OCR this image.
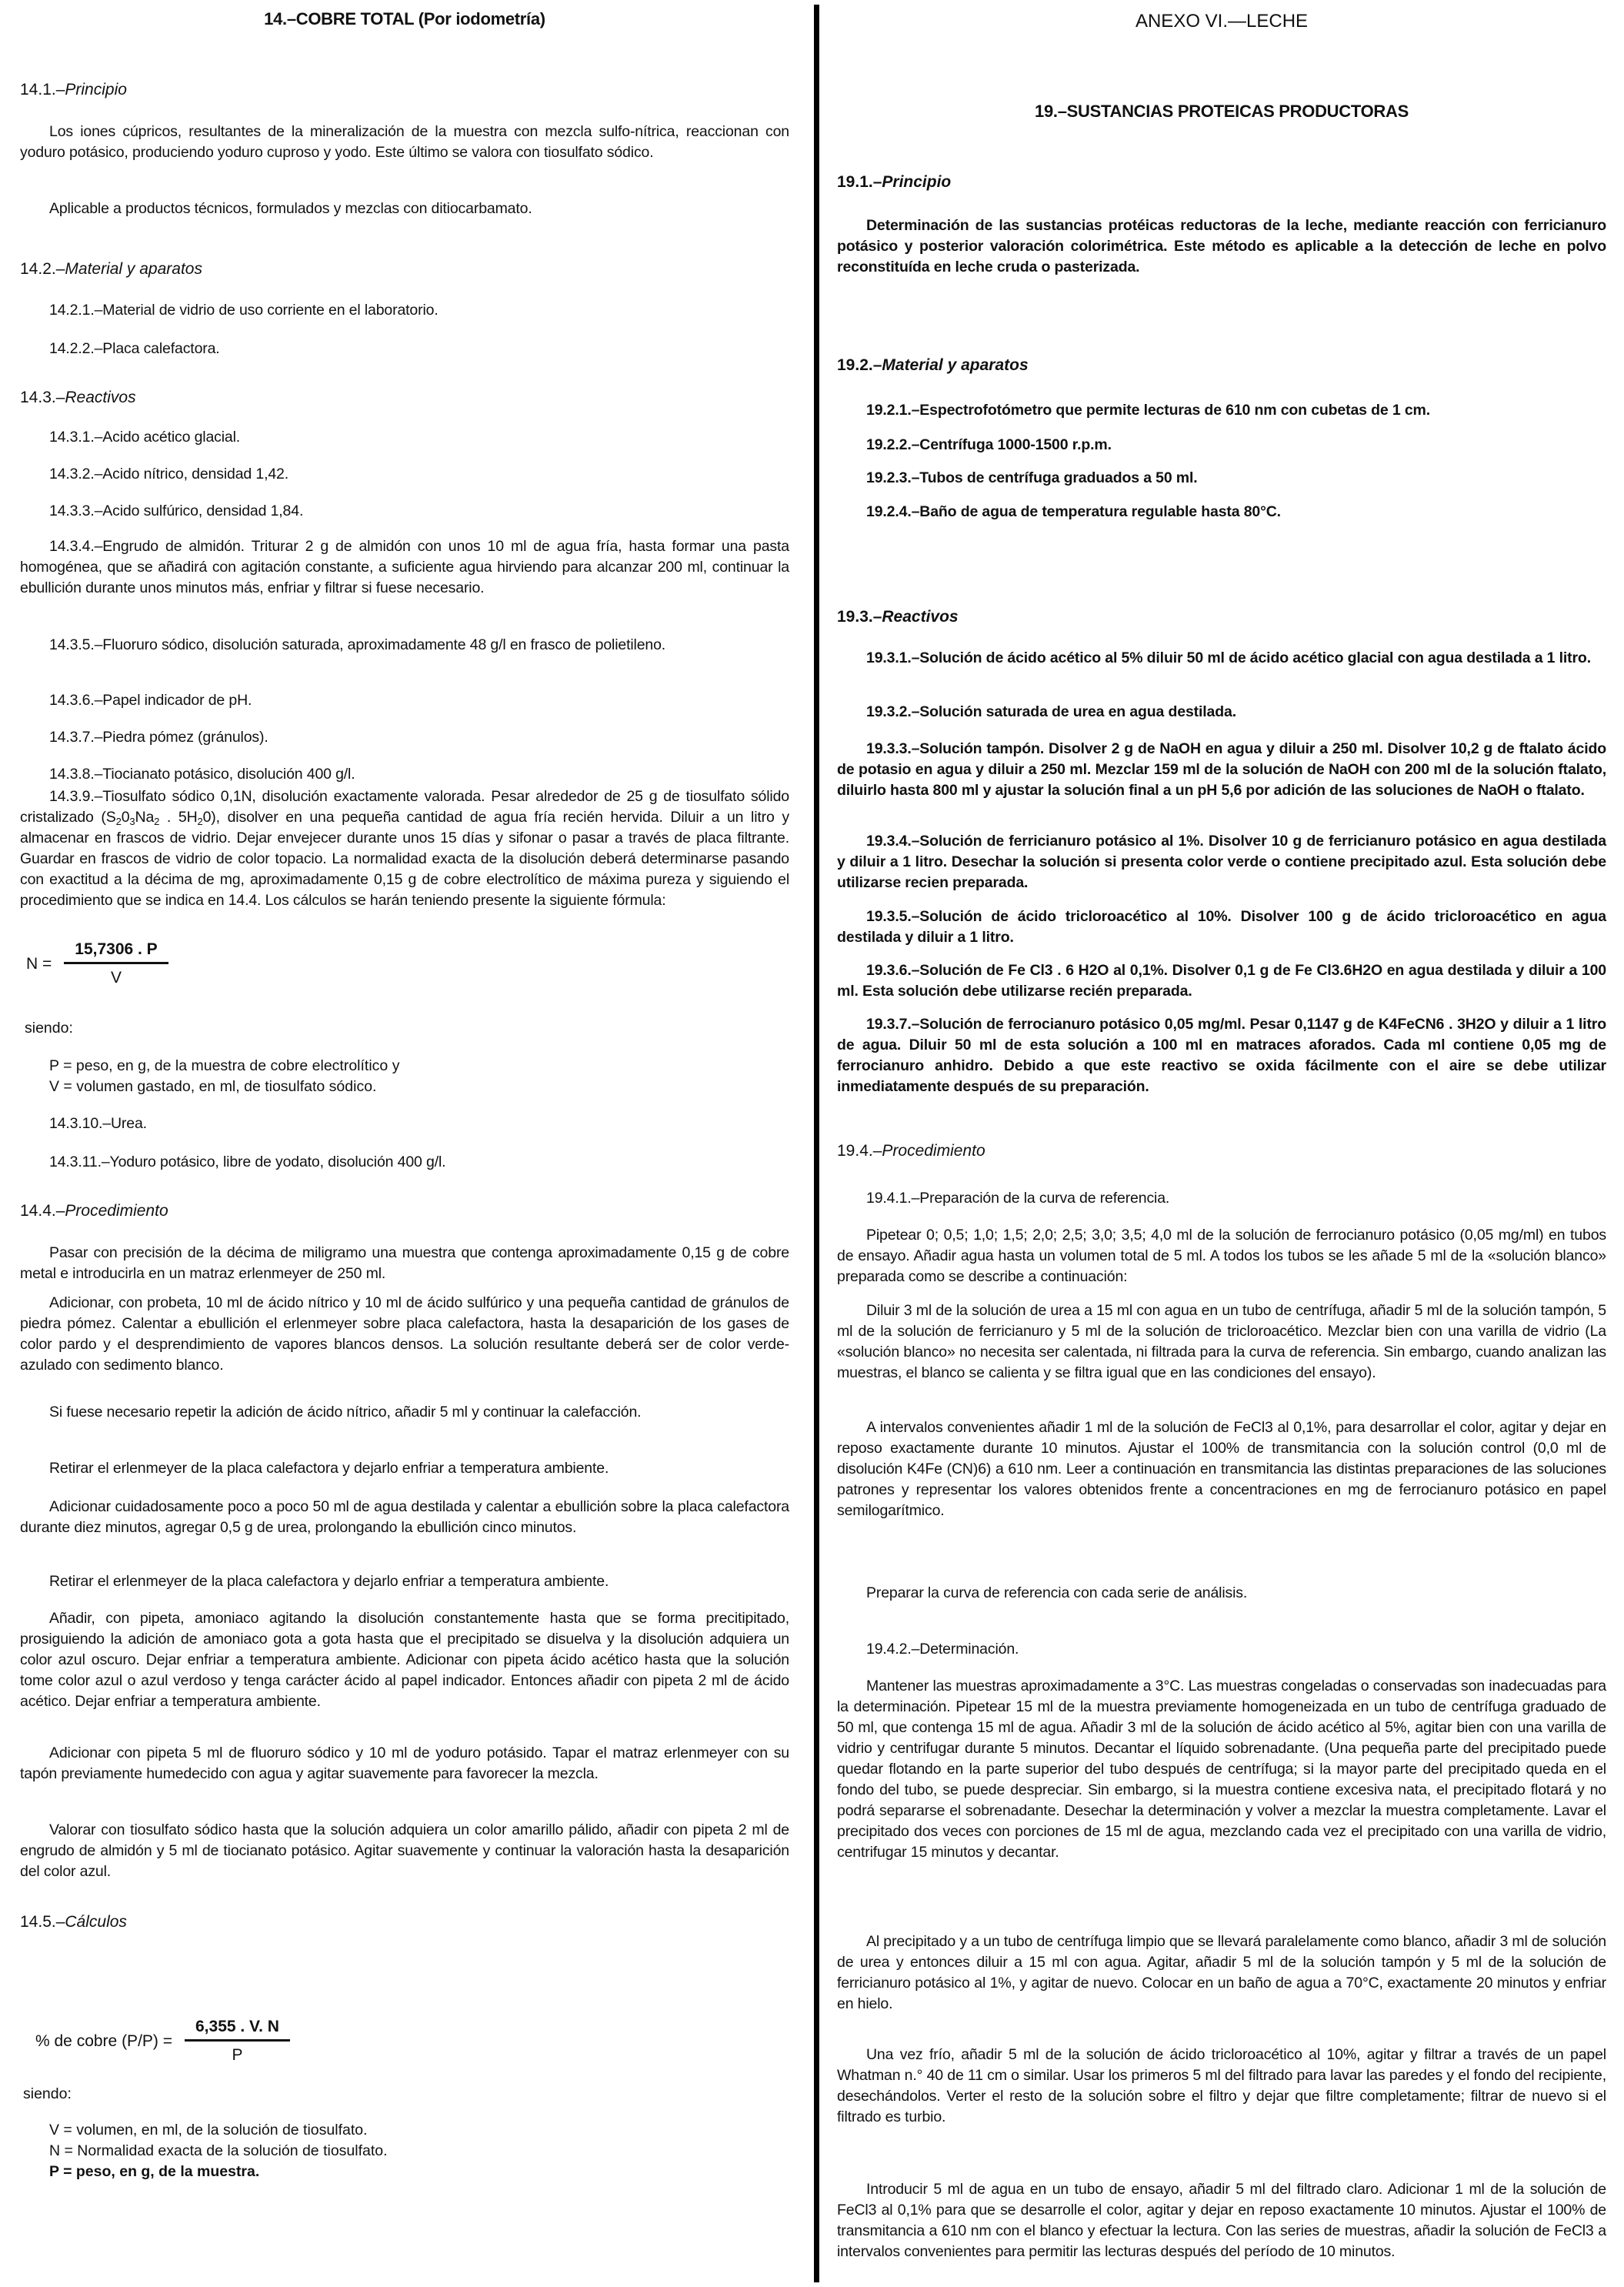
14.–COBRE TOTAL (Por iodometría)
14.1.–Principio

Los iones cúpricos, resultantes de la mineralización de la muestra con mezcla sulfo-nítrica, reaccionan con yoduro potásico, produciendo yoduro cuproso y yodo. Este último se valora con tiosulfato sódico.

Aplicable a productos técnicos, formulados y mezclas con ditiocarbamato.

14.2.–Material y aparatos

14.2.1.–Material de vidrio de uso corriente en el laboratorio.

14.2.2.–Placa calefactora.

14.3.–Reactivos

14.3.1.–Acido acético glacial.

14.3.2.–Acido nítrico, densidad 1,42.

14.3.3.–Acido sulfúrico, densidad 1,84.

14.3.4.–Engrudo de almidón. Triturar 2 g de almidón con unos 10 ml de agua fría, hasta formar una pasta homogénea, que se añadirá con agitación constante, a suficiente agua hirviendo para alcanzar 200 ml, continuar la ebullición durante unos minutos más, enfriar y filtrar si fuese necesario.

14.3.5.–Fluoruro sódico, disolución saturada, aproximadamente 48 g/l en frasco de polietileno.

14.3.6.–Papel indicador de pH.

14.3.7.–Piedra pómez (gránulos).

14.3.8.–Tiocianato potásico, disolución 400 g/l.

14.3.9.–Tiosulfato sódico 0,1N, disolución exactamente valorada. Pesar alrededor de 25 g de tiosulfato sólido cristalizado ($S_20_3Na_2$ . $5H_20$), disolver en una pequeña cantidad de agua fría recién hervida. Diluir a un litro y almacenar en frascos de vidrio. Dejar envejecer durante unos 15 días y sifonar o pasar a través de placa filtrante. Guardar en frascos de vidrio de color topacio. La normalidad exacta de la disolución deberá determinarse pasando con exactitud a la décima de mg, aproximadamente 0,15 g de cobre electrolítico de máxima pureza y siguiendo el procedimiento que se indica en 14.4. Los cálculos se harán teniendo presente la siguiente fórmula:

$N = \frac{15,7306 . P}{V}$
siendo:
P = peso, en g, de la muestra de cobre electrolítico y
V = volumen gastado, en ml, de tiosulfato sódico.

14.3.10.–Urea.

14.3.11.–Yoduro potásico, libre de yodato, disolución 400 g/l.

14.4.–Procedimiento

Pasar con precisión de la décima de miligramo una muestra que contenga aproximadamente 0,15 g de cobre metal e introducirla en un matraz erlenmeyer de 250 ml.

Adicionar, con probeta, 10 ml de ácido nítrico y 10 ml de ácido sulfúrico y una pequeña cantidad de gránulos de piedra pómez. Calentar a ebullición el erlenmeyer sobre placa calefactora, hasta la desaparición de los gases de color pardo y el desprendimiento de vapores blancos densos. La solución resultante deberá ser de color verde-azulado con sedimento blanco.

Si fuese necesario repetir la adición de ácido nítrico, añadir 5 ml y continuar la calefacción.

Retirar el erlenmeyer de la placa calefactora y dejarlo enfriar a temperatura ambiente.

Adicionar cuidadosamente poco a poco 50 ml de agua destilada y calentar a ebullición sobre la placa calefactora durante diez minutos, agregar 0,5 g de urea, prolongando la ebullición cinco minutos.

Retirar el erlenmeyer de la placa calefactora y dejarlo enfriar a temperatura ambiente.

Añadir, con pipeta, amoniaco agitando la disolución constantemente hasta que se forma precitipitado, prosiguiendo la adición de amoniaco gota a gota hasta que el precipitado se disuelva y la disolución adquiera un color azul oscuro. Dejar enfriar a temperatura ambiente. Adicionar con pipeta ácido acético hasta que la solución tome color azul o azul verdoso y tenga carácter ácido al papel indicador. Entonces añadir con pipeta 2 ml de ácido acético. Dejar enfriar a temperatura ambiente.

Adicionar con pipeta 5 ml de fluoruro sódico y 10 ml de yoduro potásido. Tapar el matraz erlenmeyer con su tapón previamente humedecido con agua y agitar suavemente para favorecer la mezcla.

Valorar con tiosulfato sódico hasta que la solución adquiera un color amarillo pálido, añadir con pipeta 2 ml de engrudo de almidón y 5 ml de tiocianato potásico. Agitar suavemente y continuar la valoración hasta la desaparición del color azul.

14.5.–Cálculos
% de cobre $(P/P) = \frac{6,355 . V. N}{P}$
siendo:
V = volumen, en ml, de la solución de tiosulfato.
N = Normalidad exacta de la solución de tiosulfato.
P = peso, en g, de la muestra.
ANEXO VI.—LECHE
19.–SUSTANCIAS PROTEICAS PRODUCTORAS
19.1.–Principio

Determinación de las sustancias protéicas reductoras de la leche, mediante reacción con ferricianuro potásico y posterior valoración colorimétrica. Este método es aplicable a la detección de leche en polvo reconstituída en leche cruda o pasterizada.

19.2.–Material y aparatos

19.2.1.–Espectrofotómetro que permite lecturas de 610 nm con cubetas de 1 cm.

19.2.2.–Centrífuga 1000-1500 r.p.m.

19.2.3.–Tubos de centrífuga graduados a 50 ml.

19.2.4.–Baño de agua de temperatura regulable hasta 80°C.

19.3.–Reactivos

19.3.1.–Solución de ácido acético al 5% diluir 50 ml de ácido acético glacial con agua destilada a 1 litro.

19.3.2.–Solución saturada de urea en agua destilada.

19.3.3.–Solución tampón. Disolver 2 g de NaOH en agua y diluir a 250 ml. Disolver 10,2 g de ftalato ácido de potasio en agua y diluir a 250 ml. Mezclar 159 ml de la solución de NaOH con 200 ml de la solución ftalato, diluirlo hasta 800 ml y ajustar la solución final a un pH 5,6 por adición de las soluciones de NaOH o ftalato.

19.3.4.–Solución de ferricianuro potásico al 1%. Disolver 10 g de ferricianuro potásico en agua destilada y diluir a 1 litro. Desechar la solución si presenta color verde o contiene precipitado azul. Esta solución debe utilizarse recien preparada.

19.3.5.–Solución de ácido tricloroacético al 10%. Disolver 100 g de ácido tricloroacético en agua destilada y diluir a 1 litro.

19.3.6.–Solución de Fe Cl3 . 6 H2O al 0,1%. Disolver 0,1 g de Fe Cl3.6H2O en agua destilada y diluir a 100 ml. Esta solución debe utilizarse recién preparada.

19.3.7.–Solución de ferrocianuro potásico 0,05 mg/ml. Pesar 0,1147 g de K4FeCN6 . 3H2O y diluir a 1 litro de agua. Diluir 50 ml de esta solución a 100 ml en matraces aforados. Cada ml contiene 0,05 mg de ferrocianuro anhidro. Debido a que este reactivo se oxida fácilmente con el aire se debe utilizar inmediatamente después de su preparación.

19.4.–Procedimiento

19.4.1.–Preparación de la curva de referencia.

Pipetear 0; 0,5; 1,0; 1,5; 2,0; 2,5; 3,0; 3,5; 4,0 ml de la solución de ferrocianuro potásico (0,05 mg/ml) en tubos de ensayo. Añadir agua hasta un volumen total de 5 ml. A todos los tubos se les añade 5 ml de la «solución blanco» preparada como se describe a continuación:

Diluir 3 ml de la solución de urea a 15 ml con agua en un tubo de centrífuga, añadir 5 ml de la solución tampón, 5 ml de la solución de ferricianuro y 5 ml de la solución de tricloroacético. Mezclar bien con una varilla de vidrio (La «solución blanco» no necesita ser calentada, ni filtrada para la curva de referencia. Sin embargo, cuando analizan las muestras, el blanco se calienta y se filtra igual que en las condiciones del ensayo).

A intervalos convenientes añadir 1 ml de la solución de FeCl3 al 0,1%, para desarrollar el color, agitar y dejar en reposo exactamente durante 10 minutos. Ajustar el 100% de transmitancia con la solución control (0,0 ml de disolución K4Fe (CN)6) a 610 nm. Leer a continuación en transmitancia las distintas preparaciones de las soluciones patrones y representar los valores obtenidos frente a concentraciones en mg de ferrocianuro potásico en papel semilogarítmico.

Preparar la curva de referencia con cada serie de análisis.

19.4.2.–Determinación.

Mantener las muestras aproximadamente a 3°C. Las muestras congeladas o conservadas son inadecuadas para la determinación. Pipetear 15 ml de la muestra previamente homogeneizada en un tubo de centrífuga graduado de 50 ml, que contenga 15 ml de agua. Añadir 3 ml de la solución de ácido acético al 5%, agitar bien con una varilla de vidrio y centrifugar durante 5 minutos. Decantar el líquido sobrenadante. (Una pequeña parte del precipitado puede quedar flotando en la parte superior del tubo después de centrífuga; si la mayor parte del precipitado queda en el fondo del tubo, se puede despreciar. Sin embargo, si la muestra contiene excesiva nata, el precipitado flotará y no podrá separarse el sobrenadante. Desechar la determinación y volver a mezclar la muestra completamente. Lavar el precipitado dos veces con porciones de 15 ml de agua, mezclando cada vez el precipitado con una varilla de vidrio, centrifugar 15 minutos y decantar.

Al precipitado y a un tubo de centrífuga limpio que se llevará paralelamente como blanco, añadir 3 ml de solución de urea y entonces diluir a 15 ml con agua. Agitar, añadir 5 ml de la solución tampón y 5 ml de la solución de ferricianuro potásico al 1%, y agitar de nuevo. Colocar en un baño de agua a 70°C, exactamente 20 minutos y enfriar en hielo.

Una vez frío, añadir 5 ml de la solución de ácido tricloroacético al 10%, agitar y filtrar a través de un papel Whatman n.° 40 de 11 cm o similar. Usar los primeros 5 ml del filtrado para lavar las paredes y el fondo del recipiente, desechándolos. Verter el resto de la solución sobre el filtro y dejar que filtre completamente; filtrar de nuevo si el filtrado es turbio.

Introducir 5 ml de agua en un tubo de ensayo, añadir 5 ml del filtrado claro. Adicionar 1 ml de la solución de FeCl3 al 0,1% para que se desarrolle el color, agitar y dejar en reposo exactamente 10 minutos. Ajustar el 100% de transmitancia a 610 nm con el blanco y efectuar la lectura. Con las series de muestras, añadir la solución de FeCl3 a intervalos convenientes para permitir las lecturas después del período de 10 minutos.
